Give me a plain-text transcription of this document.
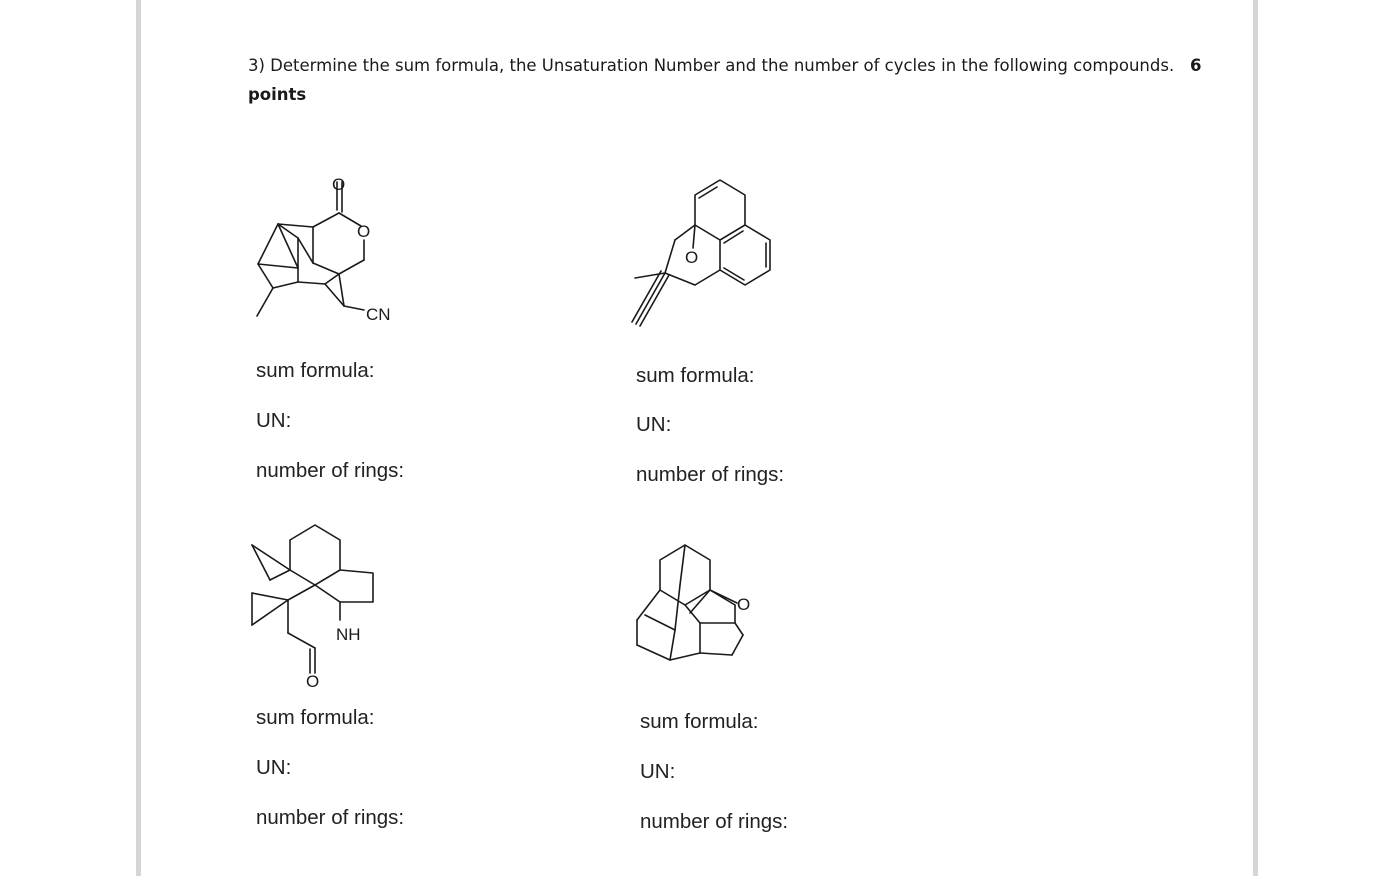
3) Determine the sum formula, the Unsaturation Number and the number of cycles in the following compounds. 6
points
O
O
CN
sum formula:
UN:
number of rings:
O
sum formula:
UN:
number of rings:
NH
O
sum formula:
UN:
number of rings:
O
sum formula:
UN:
number of rings:
